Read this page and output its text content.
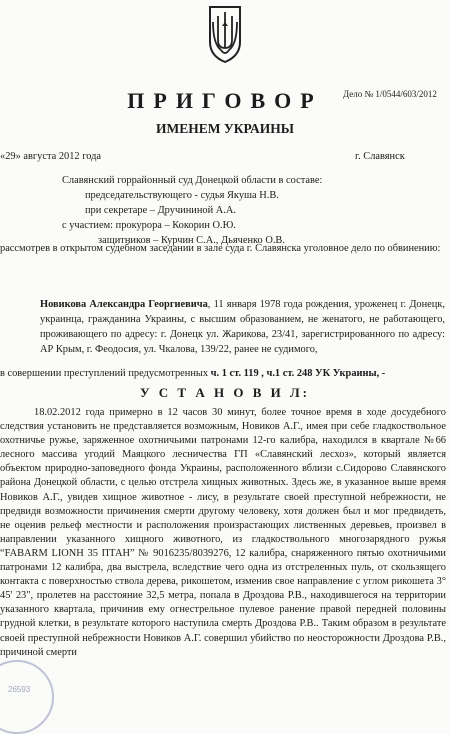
Дело № 1/0544/603/2012
ПРИГОВОР
ИМЕНЕМ УКРАИНЫ
«29» августа 2012 года	г. Славянск
Славянский горрайонный суд Донецкой области в составе:
председательствующего - судья Якуша Н.В.
при секретаре – Дручининой А.А.
с участием: прокурора – Кокорин О.Ю.
защитников – Курчин С.А., Дьяченко О.В.
рассмотрев в открытом судебном заседании в зале суда г. Славянска уголовное дело по обвинению:
Новикова Александра Георгиевича, 11 января 1978 года рождения, уроженец г. Донецк, украинца, гражданина Украины, с высшим образованием, не женатого, не работающего, проживающего по адресу: г. Донецк ул. Жарикова, 23/41, зарегистрированного по адресу: АР Крым, г. Феодосия, ул. Чкалова, 139/22, ранее не судимого,
в совершении преступлений предусмотренных ч. 1 ст. 119 , ч.1 ст. 248 УК Украины, -
У С Т А Н О В И Л:
18.02.2012 года примерно в 12 часов 30 минут, более точное время в ходе досудебного следствия установить не представляется возможным, Новиков А.Г., имея при себе гладкоствольное охотничье ружье, заряженное охотничьими патронами 12-го калибра, находился в квартале №66 лесного массива угодий Маяцкого лесничества ГП «Славянский лесхоз», который является объектом природно-заповедного фонда Украины, расположенного вблизи с.Сидорово Славянского района Донецкой области, с целью отстрела хищных животных. Здесь же, в указанное выше время Новиков А.Г., увидев хищное животное - лису, в результате своей преступной небрежности, не предвидя возможности причинения смерти другому человеку, хотя должен был и мог предвидеть, не оценив рельеф местности и расположения произрастающих лиственных деревьев, произвел в направлении указанного хищного животного, из гладкоствольного многозарядного ружья “FABARM LIONH 35 ПТАН” № 9016235/8039276, 12 калибра, снаряженного пятью охотничьими патронами 12 калибра, два выстрела, вследствие чего одна из отстреленных пуль, от скользящего контакта с поверхностью ствола дерева, рикошетом, изменив свое направление с углом рикошета 3° 45' 23", пролетев на расстояние 32,5 метра, попала в Дроздова Р.В., находившегося на территории указанного квартала, причинив ему огнестрельное пулевое ранение правой передней половины грудной клетки, в результате которого наступила смерть Дроздова Р.В.. Таким образом в результате своей преступной небрежности Новиков А.Г. совершил убийство по неосторожности Дроздова Р.В., причиной смерти
26593
